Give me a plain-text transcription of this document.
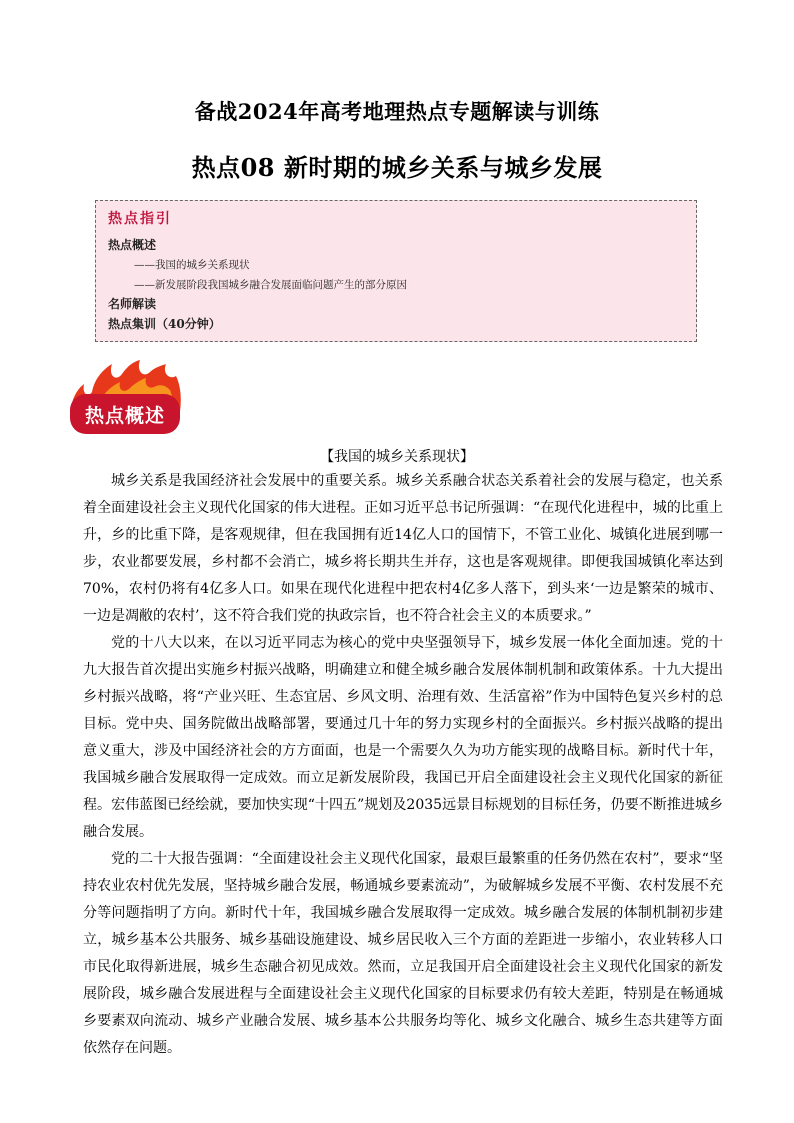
备战2024年高考地理热点专题解读与训练
热点08 新时期的城乡关系与城乡发展
热点指引
热点概述
——我国的城乡关系现状
——新发展阶段我国城乡融合发展面临问题产生的部分原因
名师解读
热点集训（40分钟）
热点概述
【我国的城乡关系现状】

城乡关系是我国经济社会发展中的重要关系。城乡关系融合状态关系着社会的发展与稳定，也关系着全面建设社会主义现代化国家的伟大进程。正如习近平总书记所强调：“在现代化进程中，城的比重上升，乡的比重下降，是客观规律，但在我国拥有近14亿人口的国情下，不管工业化、城镇化进展到哪一步，农业都要发展，乡村都不会消亡，城乡将长期共生并存，这也是客观规律。即便我国城镇化率达到70%，农村仍将有4亿多人口。如果在现代化进程中把农村4亿多人落下，到头来‘一边是繁荣的城市、一边是凋敝的农村’，这不符合我们党的执政宗旨，也不符合社会主义的本质要求。”

党的十八大以来，在以习近平同志为核心的党中央坚强领导下，城乡发展一体化全面加速。党的十九大报告首次提出实施乡村振兴战略，明确建立和健全城乡融合发展体制机制和政策体系。十九大提出乡村振兴战略，将“产业兴旺、生态宜居、乡风文明、治理有效、生活富裕”作为中国特色复兴乡村的总目标。党中央、国务院做出战略部署，要通过几十年的努力实现乡村的全面振兴。乡村振兴战略的提出意义重大，涉及中国经济社会的方方面面，也是一个需要久久为功方能实现的战略目标。新时代十年，我国城乡融合发展取得一定成效。而立足新发展阶段，我国已开启全面建设社会主义现代化国家的新征程。宏伟蓝图已经绘就，要加快实现“十四五”规划及2035远景目标规划的目标任务，仍要不断推进城乡融合发展。

党的二十大报告强调：“全面建设社会主义现代化国家，最艰巨最繁重的任务仍然在农村”，要求“坚持农业农村优先发展，坚持城乡融合发展，畅通城乡要素流动”，为破解城乡发展不平衡、农村发展不充分等问题指明了方向。新时代十年，我国城乡融合发展取得一定成效。城乡融合发展的体制机制初步建立，城乡基本公共服务、城乡基础设施建设、城乡居民收入三个方面的差距进一步缩小，农业转移人口市民化取得新进展，城乡生态融合初见成效。然而，立足我国开启全面建设社会主义现代化国家的新发展阶段，城乡融合发展进程与全面建设社会主义现代化国家的目标要求仍有较大差距，特别是在畅通城乡要素双向流动、城乡产业融合发展、城乡基本公共服务均等化、城乡文化融合、城乡生态共建等方面依然存在问题。
